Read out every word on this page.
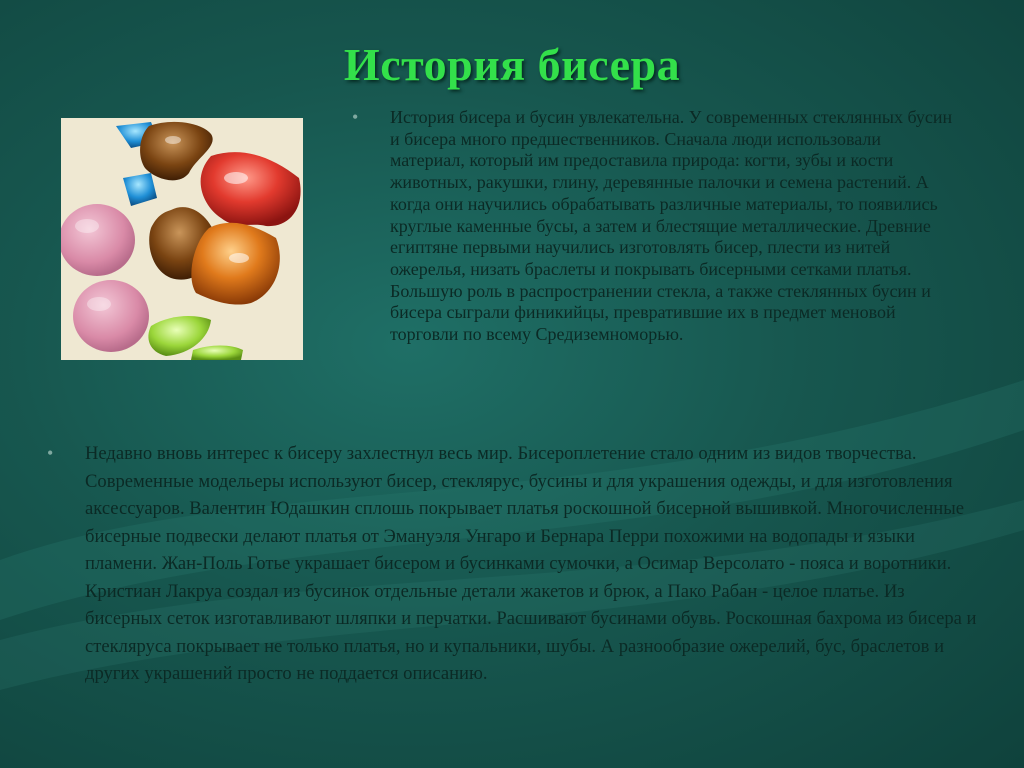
История бисера
• История бисера и бусин увлекательна. У современных стеклянных бусин и бисера много предшественников. Сначала люди использовали материал, который им предоставила природа: когти, зубы и кости животных, ракушки, глину, деревянные палочки и семена растений. А когда они научились обрабатывать различные материалы, то появились круглые каменные бусы, а затем и блестящие металлические. Древние египтяне первыми научились изготовлять бисер, плести из нитей ожерелья, низать браслеты и покрывать бисерными сетками платья. Большую роль в распространении стекла, а также стеклянных бусин и бисера сыграли финикийцы, превратившие их в предмет меновой торговли по всему Средиземноморью.
• Недавно вновь интерес к бисеру захлестнул весь мир. Бисероплетение стало одним из видов творчества. Современные модельеры используют бисер, стеклярус, бусины и для украшения одежды, и для изготовления аксессуаров. Валентин Юдашкин сплошь покрывает платья роскошной бисерной вышивкой. Многочисленные бисерные подвески делают платья от Эмануэля Унгаро и Бернара Перри похожими на водопады и языки пламени. Жан-Поль Готье украшает бисером и бусинками сумочки, а Осимар Версолато - пояса и воротники. Кристиан Лакруа создал из бусинок отдельные детали жакетов и брюк, а Пако Рабан - целое платье. Из бисерных сеток изготавливают шляпки и перчатки. Расшивают бусинами обувь. Роскошная бахрома из бисера и стекляруса покрывает не только платья, но и купальники, шубы. А разнообразие ожерелий, бус, браслетов и других украшений просто не поддается описанию.
